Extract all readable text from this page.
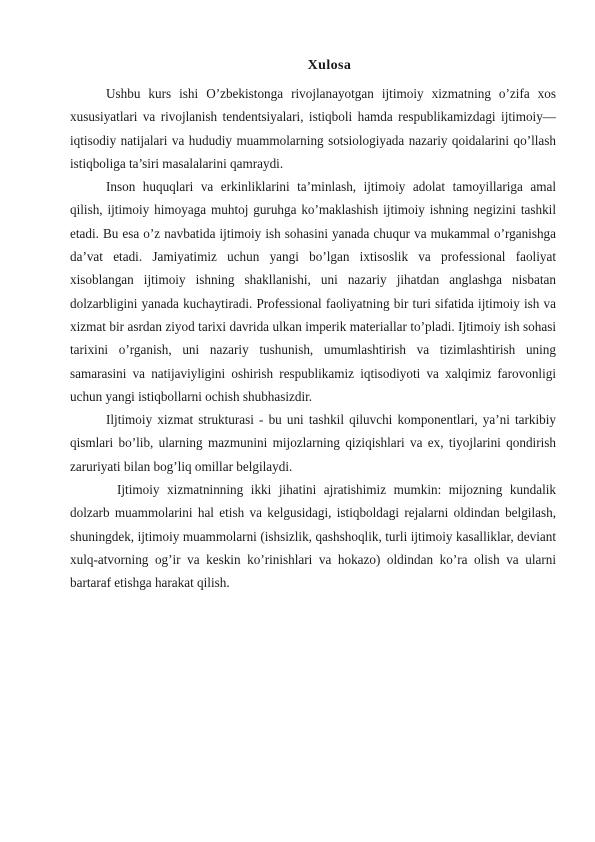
Xulosa

Ushbu kurs ishi O’zbekistonga rivojlanayotgan ijtimoiy xizmatning o’zifa xos xususiyatlari va rivojlanish tendentsiyalari, istiqboli hamda respublikamizdagi ijtimoiy—iqtisodiy natijalari va hududiy muammolarning sotsiologiyada nazariy qoidalarini qo’llash istiqboliga ta’siri masalalarini qamraydi.

Inson huquqlari va erkinliklarini ta’minlash, ijtimoiy adolat tamoyillariga amal qilish, ijtimoiy himoyaga muhtoj guruhga ko’maklashish ijtimoiy ishning negizini tashkil etadi. Bu esa o’z navbatida ijtimoiy ish sohasini yanada chuqur va mukammal o’rganishga da’vat etadi. Jamiyatimiz uchun yangi bo’lgan ixtisoslik va professional faoliyat xisoblangan ijtimoiy ishning shakllanishi, uni nazariy jihatdan anglashga nisbatan dolzarbligini yanada kuchaytiradi. Professional faoliyatning bir turi sifatida ijtimoiy ish va xizmat bir asrdan ziyod tarixi davrida ulkan imperik materiallar to’pladi. Ijtimoiy ish sohasi tarixini o’rganish, uni nazariy tushunish, umumlashtirish va tizimlashtirish uning samarasini va natijaviyligini oshirish respublikamiz iqtisodiyoti va xalqimiz farovonligi uchun yangi istiqbollarni ochish shubhasizdir.

Iljtimoiy xizmat strukturasi - bu uni tashkil qiluvchi komponentlari, ya’ni tarkibiy qismlari bo’lib, ularning mazmunini mijozlarning qiziqishlari va ex, tiyojlarini qondirish zaruriyati bilan bog’liq omillar belgilaydi.

Ijtimoiy xizmatninning ikki jihatini ajratishimiz mumkin: mijozning kundalik dolzarb muammolarini hal etish va kelgusidagi, istiqboldagi rejalarni oldindan belgilash, shuningdek, ijtimoiy muammolarni (ishsizlik, qashshoqlik, turli ijtimoiy kasalliklar, deviant xulq-atvorning og’ir va keskin ko’rinishlari va hokazo) oldindan ko’ra olish va ularni bartaraf etishga harakat qilish.
